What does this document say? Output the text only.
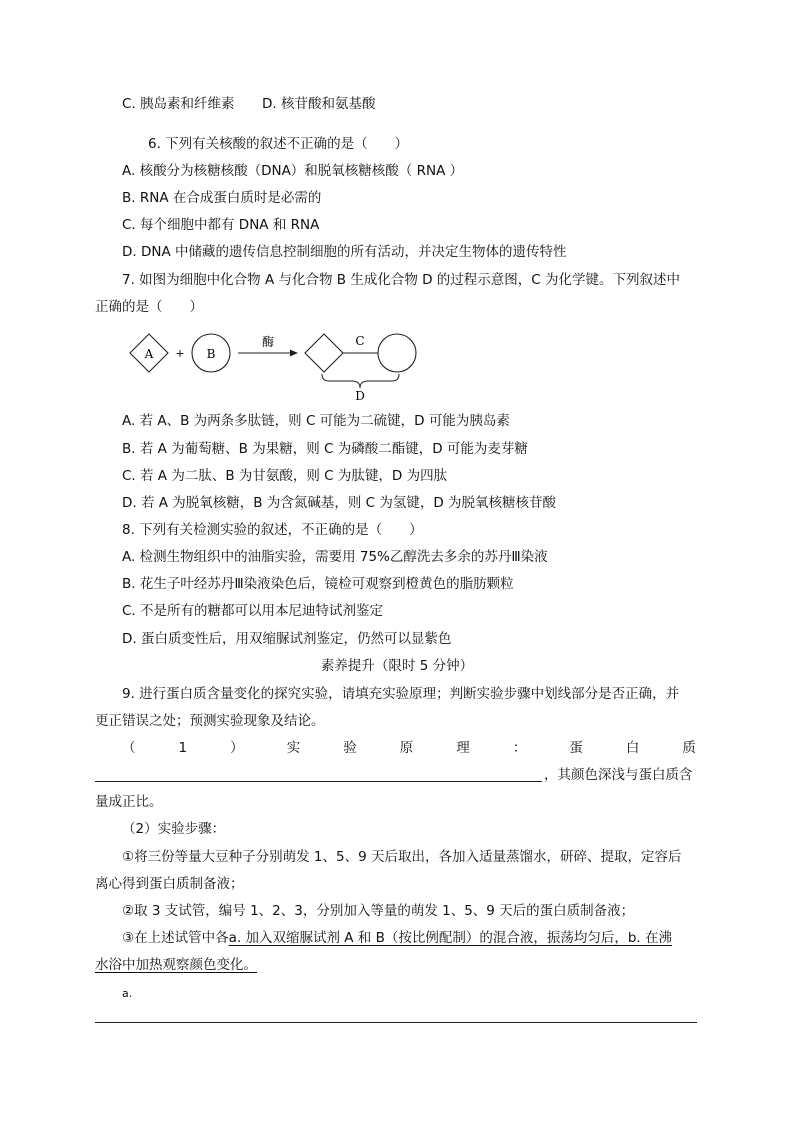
C. 胰岛素和纤维素 D. 核苷酸和氨基酸
6. 下列有关核酸的叙述不正确的是（　　）
A. 核酸分为核糖核酸（DNA）和脱氧核糖核酸（ RNA ）
B. RNA 在合成蛋白质时是必需的
C. 每个细胞中都有 DNA 和 RNA
D. DNA 中储藏的遗传信息控制细胞的所有活动，并决定生物体的遗传特性
7. 如图为细胞中化合物 A 与化合物 B 生成化合物 D 的过程示意图，C 为化学键。下列叙述中
正确的是（　　）
A + B
酶	C
D
A. 若 A、B 为两条多肽链，则 C 可能为二硫键，D 可能为胰岛素
B. 若 A 为葡萄糖、B 为果糖，则 C 为磷酸二酯键，D 可能为麦芽糖
C. 若 A 为二肽、B 为甘氨酸，则 C 为肽键，D 为四肽
D. 若 A 为脱氧核糖，B 为含氮碱基，则 C 为氢键，D 为脱氧核糖核苷酸
8. 下列有关检测实验的叙述，不正确的是（　　）
A. 检测生物组织中的油脂实验，需要用 75%乙醇洗去多余的苏丹Ⅲ染液
B. 花生子叶经苏丹Ⅲ染液染色后，镜检可观察到橙黄色的脂肪颗粒
C. 不是所有的糖都可以用本尼迪特试剂鉴定
D. 蛋白质变性后，用双缩脲试剂鉴定，仍然可以显紫色
素养提升（限时 5 分钟）
9. 进行蛋白质含量变化的探究实验，请填充实验原理；判断实验步骤中划线部分是否正确，并
更正错误之处；预测实验现象及结论。
（	1	）	实	验	原	理	：	蛋	白	质
，其颜色深浅与蛋白质含
量成正比。
（2）实验步骤：
①将三份等量大豆种子分别萌发 1、5、9 天后取出，各加入适量蒸馏水，研碎、提取，定容后
离心得到蛋白质制备液；
②取 3 支试管，编号 1、2、3，分别加入等量的萌发 1、5、9 天后的蛋白质制备液；
③在上述试管中各a. 加入双缩脲试剂 A 和 B（按比例配制）的混合液，振荡均匀后，b. 在沸
水浴中加热观察颜色变化。
a.
